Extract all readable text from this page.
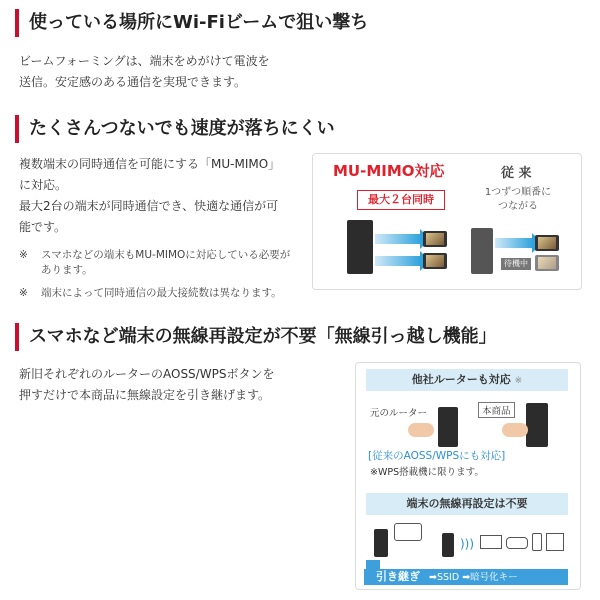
使っている場所にWi-Fiビームで狙い撃ち
ビームフォーミングは、端末をめがけて電波を
送信。安定感のある通信を実現できます。
たくさんつないでも速度が落ちにくい
複数端末の同時通信を可能にする「MU-MIMO」
に対応。
最大2台の端末が同時通信でき、快適な通信が可
能です。
※ スマホなどの端末もMU-MIMOに対応している必要が
あります。
※ 端末によって同時通信の最大接続数は異なります。
MU-MIMO対応
最大２台同時
従 来
1つずつ順番に
つながる
待機中
スマホなど端末の無線再設定が不要「無線引っ越し機能」
新旧それぞれのルーターのAOSS/WPSボタンを
押すだけで本商品に無線設定を引き継げます。
他社ルーターも対応 ※
元のルーター	本商品
[従来のAOSS/WPSにも対応]
※WPS搭載機に限ります。
端末の無線再設定は不要
)))
引き継ぎ ➡SSID ➡暗号化キー
